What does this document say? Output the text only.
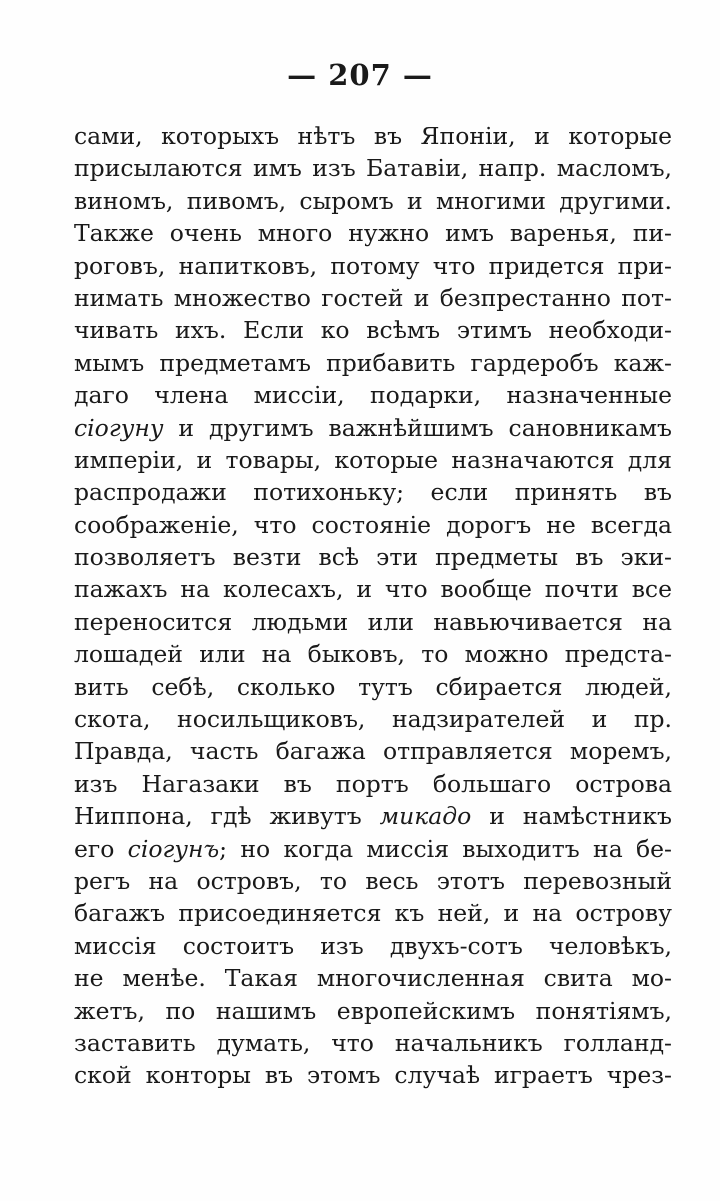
— 207 —
сами, которыхъ нѣтъ въ Японіи, и которые
присылаются имъ изъ Батавіи, напр. масломъ,
виномъ, пивомъ, сыромъ и многими другими.
Также очень много нужно имъ варенья, пи-
роговъ, напитковъ, потому что придется при-
нимать множество гостей и безпрестанно пот-
чивать ихъ. Если ко всѣмъ этимъ необходи-
мымъ предметамъ прибавить гардеробъ каж-
даго члена миссіи, подарки, назначенные
сіогуну и другимъ важнѣйшимъ сановникамъ
имперіи, и товары, которые назначаются для
распродажи потихоньку; если принять въ
соображеніе, что состояніе дорогъ не всегда
позволяетъ везти всѣ эти предметы въ эки-
пажахъ на колесахъ, и что вообще почти все
переносится людьми или навьючивается на
лошадей или на быковъ, то можно предста-
вить себѣ, сколько тутъ сбирается людей,
скота, носильщиковъ, надзирателей и пр.
Правда, часть багажа отправляется моремъ,
изъ Нагазаки въ портъ большаго острова
Ниппона, гдѣ живутъ микадо и намѣстникъ
его сіогунъ; но когда миссія выходитъ на бе-
регъ на островъ, то весь этотъ перевозный
багажъ присоединяется къ ней, и на острову
миссія состоитъ изъ двухъ-сотъ человѣкъ,
не менѣе. Такая многочисленная свита мо-
жетъ, по нашимъ европейскимъ понятіямъ,
заставить думать, что начальникъ голланд-
ской конторы въ этомъ случаѣ играетъ чрез-
